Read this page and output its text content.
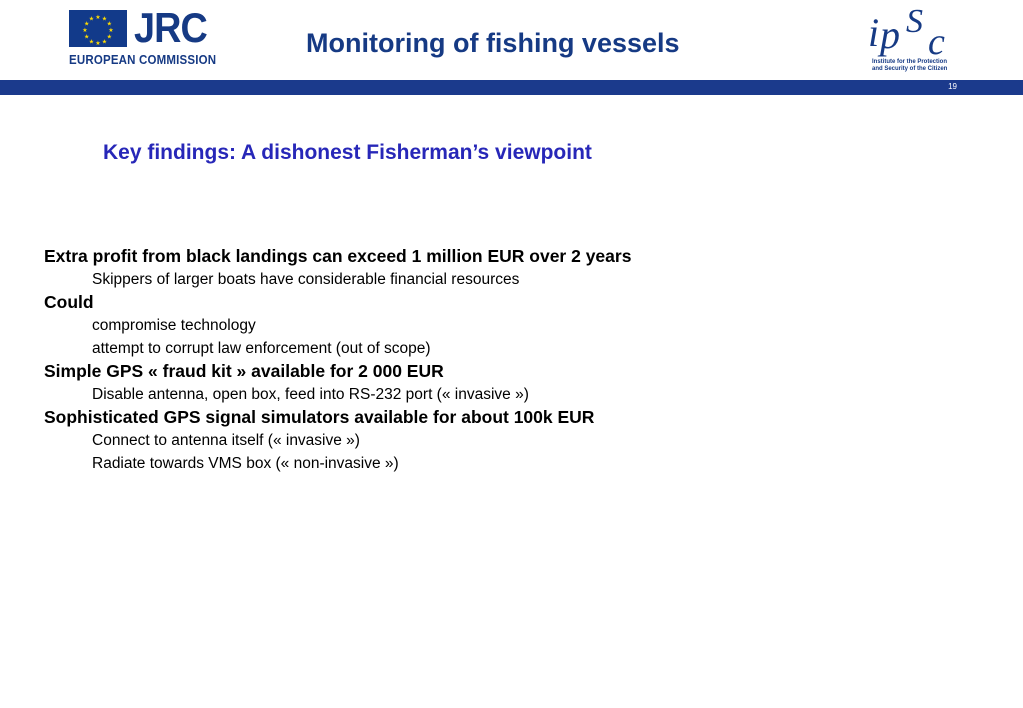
★ ★
★
★
★
★
★
★
★
★
★
★ JRC
EUROPEAN COMMISSION
Monitoring of fishing vessels	i p S c
Institute for the Protection
and Security of the Citizen
19
Key findings: A dishonest Fisherman’s viewpoint
Extra profit from black landings can exceed 1 million EUR over 2 years
Skippers of larger boats have considerable financial resources
Could
compromise technology
attempt to corrupt law enforcement (out of scope)
Simple GPS « fraud kit » available for 2 000 EUR
Disable antenna, open box, feed into RS-232 port (« invasive »)
Sophisticated GPS signal simulators available for about 100k EUR
Connect to antenna itself (« invasive »)
Radiate towards VMS box (« non-invasive »)
